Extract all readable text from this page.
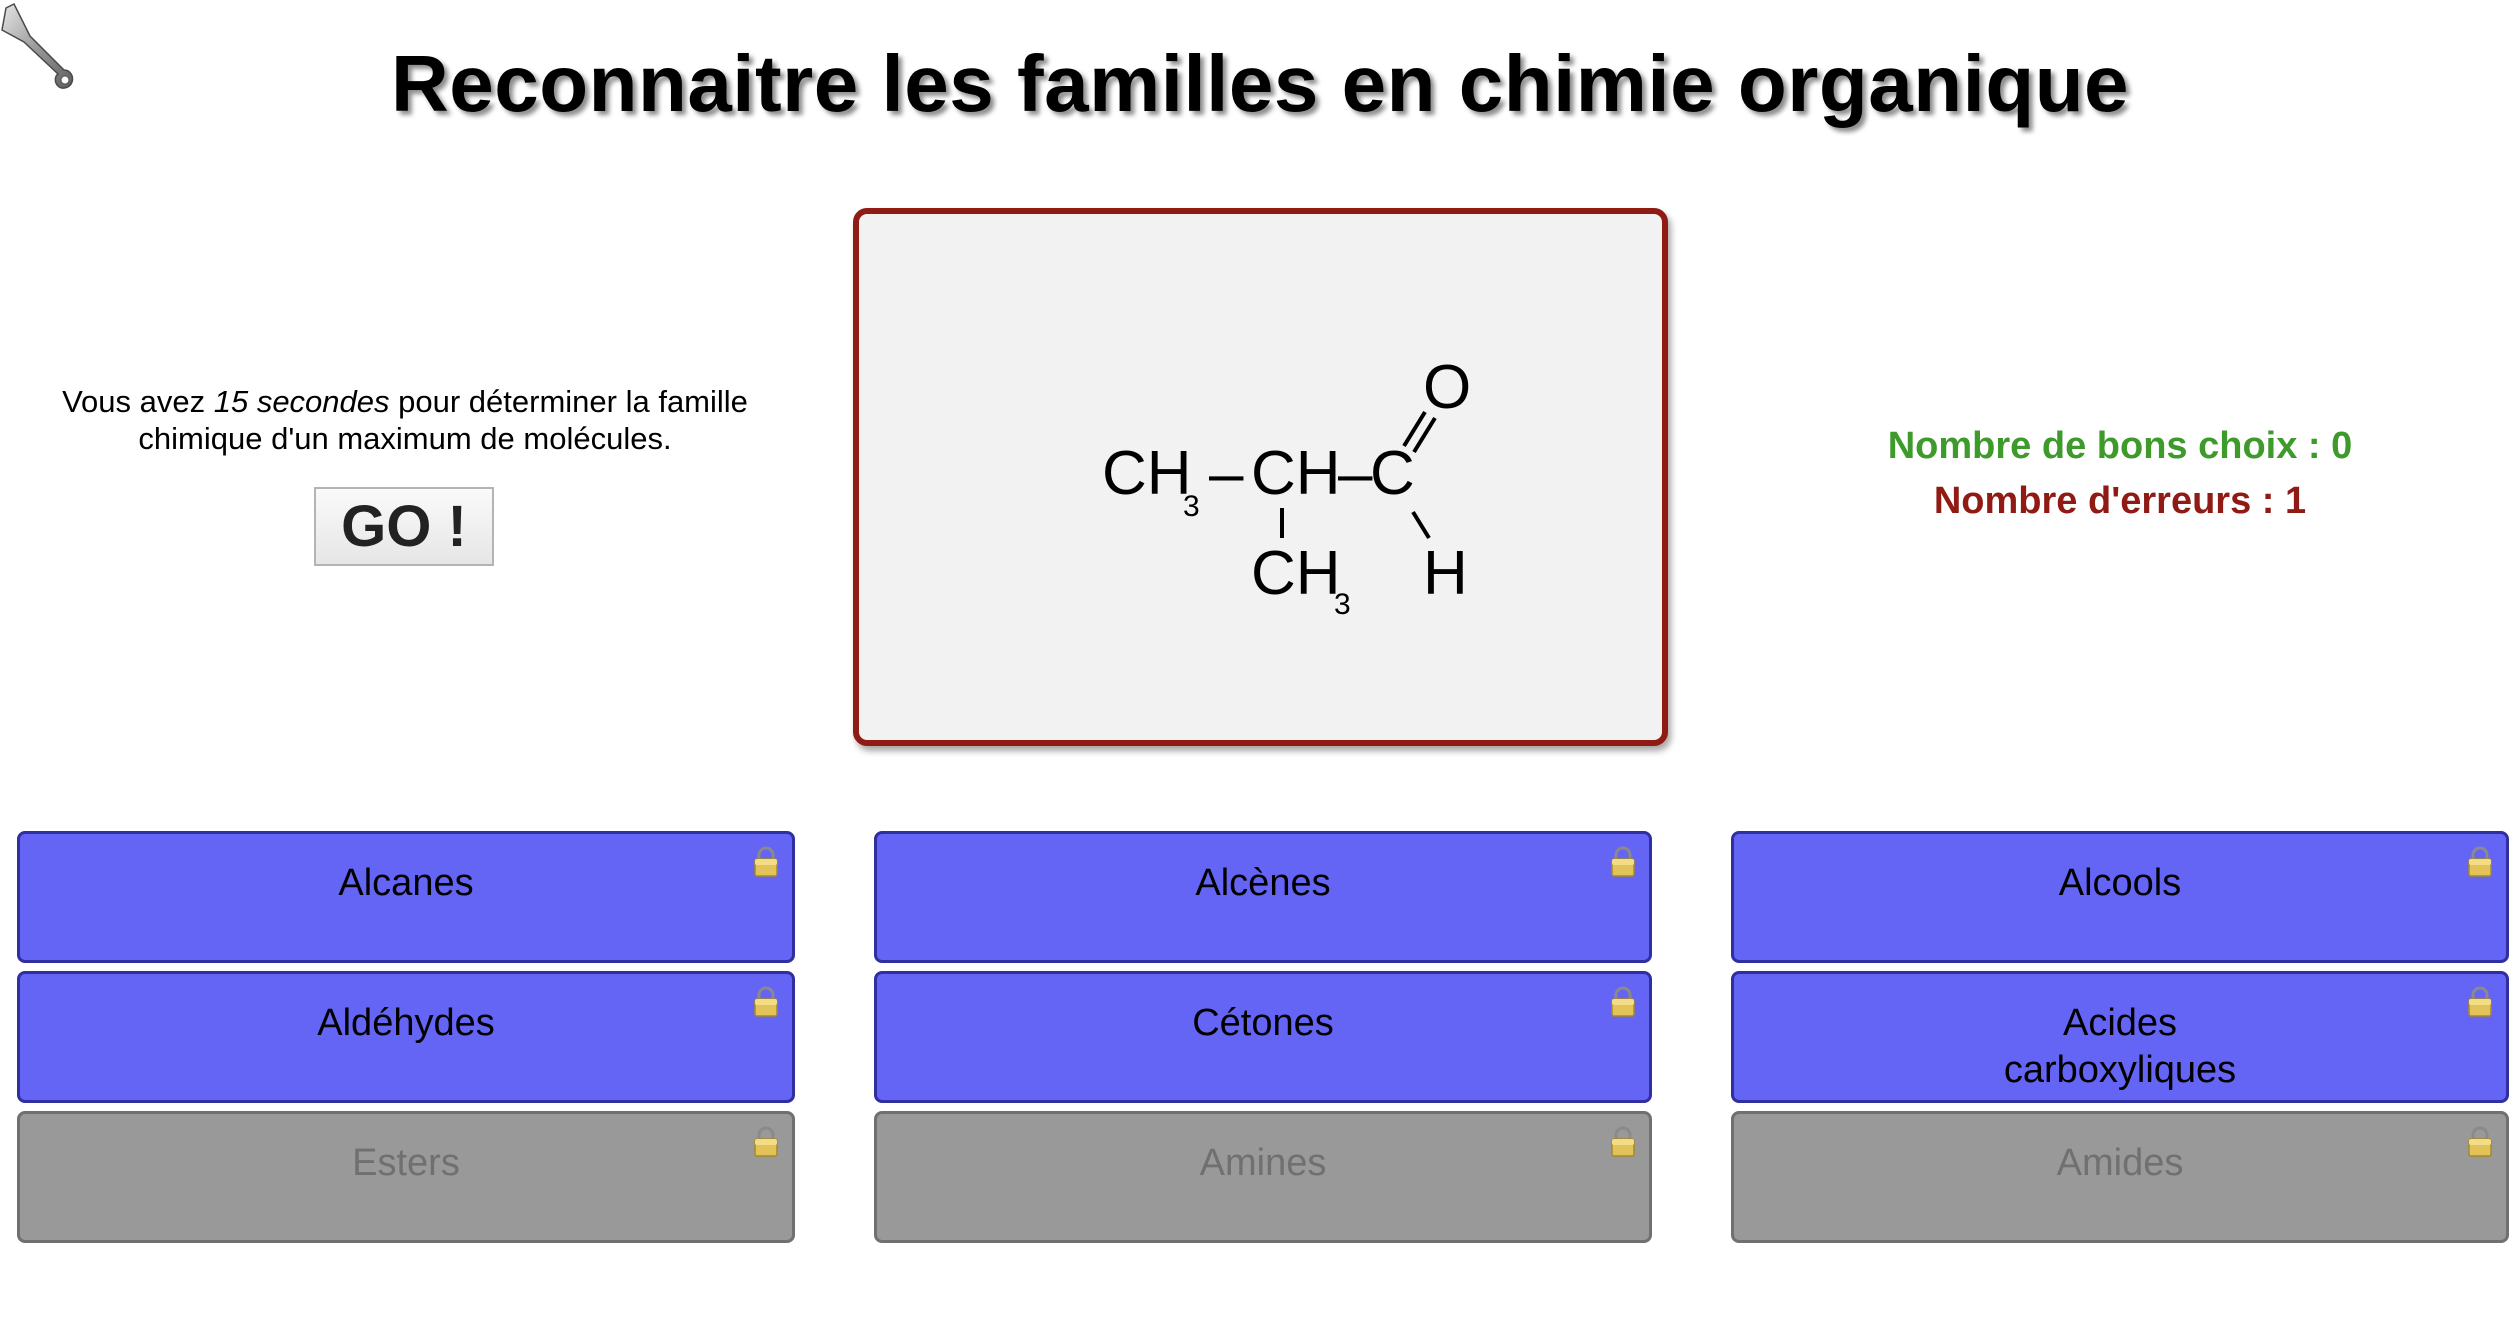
Reconnaitre les familles en chimie organique
Vous avez 15 secondes pour déterminer la famille chimique d'un maximum de molécules.
GO !
CH
3 – CH
–
C
CH
3
O
H
Nombre de bons choix : 0
Nombre d'erreurs : 1
Alcanes	Alcènes	Alcools
Aldéhydes	Cétones	Acides
carboxyliques
Esters	Amines	Amides
